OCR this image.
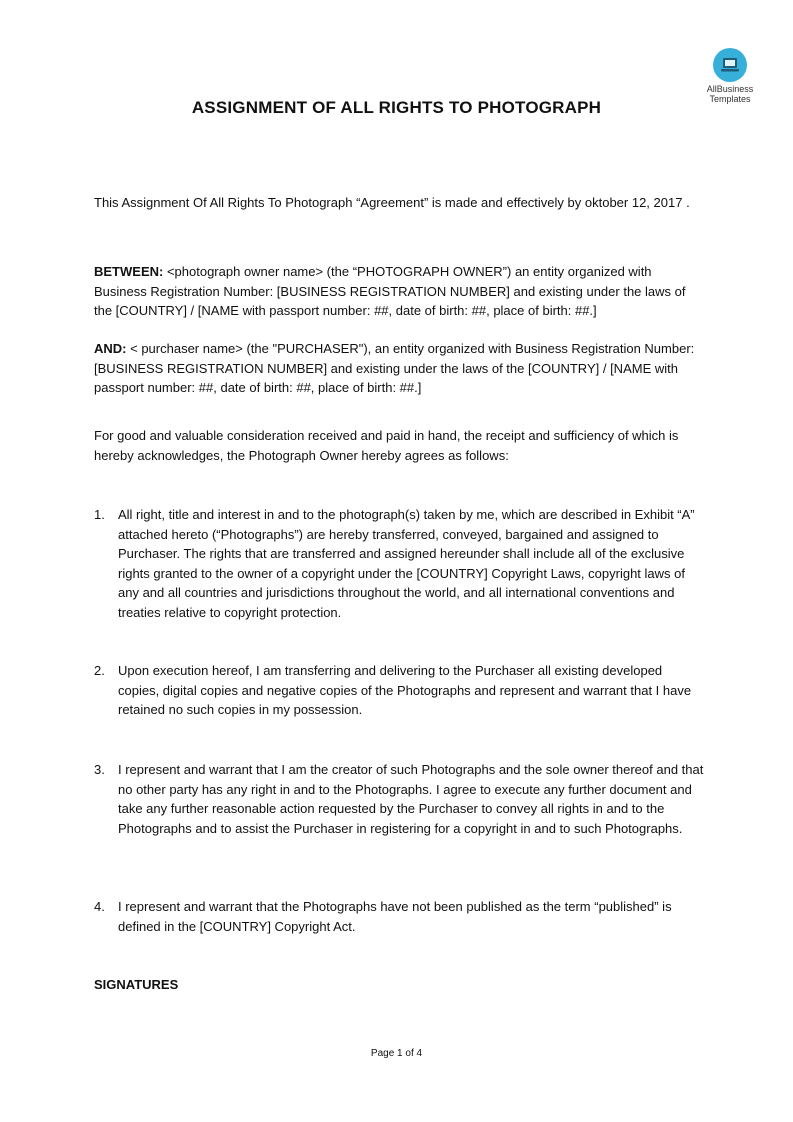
AllBusiness
Templates
ASSIGNMENT OF ALL RIGHTS TO PHOTOGRAPH
This Assignment Of All Rights To Photograph “Agreement” is made and effectively by oktober 12, 2017 .
BETWEEN: <photograph owner name> (the “PHOTOGRAPH OWNER”) an entity organized with Business Registration Number: [BUSINESS REGISTRATION NUMBER] and existing under the laws of the [COUNTRY] / [NAME with passport number: ##, date of birth: ##, place of birth: ##.]
AND: < purchaser name> (the "PURCHASER"), an entity organized with Business Registration Number: [BUSINESS REGISTRATION NUMBER] and existing under the laws of the [COUNTRY] / [NAME with passport number: ##, date of birth: ##, place of birth: ##.]
For good and valuable consideration received and paid in hand, the receipt and sufficiency of which is hereby acknowledges, the Photograph Owner hereby agrees as follows:
1. All right, title and interest in and to the photograph(s) taken by me, which are described in Exhibit “A” attached hereto (“Photographs”) are hereby transferred, conveyed, bargained and assigned to Purchaser. The rights that are transferred and assigned hereunder shall include all of the exclusive rights granted to the owner of a copyright under the [COUNTRY] Copyright Laws, copyright laws of any and all countries and jurisdictions throughout the world, and all international conventions and treaties relative to copyright protection.
2. Upon execution hereof, I am transferring and delivering to the Purchaser all existing developed copies, digital copies and negative copies of the Photographs and represent and warrant that I have retained no such copies in my possession.
3. I represent and warrant that I am the creator of such Photographs and the sole owner thereof and that no other party has any right in and to the Photographs. I agree to execute any further document and take any further reasonable action requested by the Purchaser to convey all rights in and to the Photographs and to assist the Purchaser in registering for a copyright in and to such Photographs.
4. I represent and warrant that the Photographs have not been published as the term “published” is defined in the [COUNTRY] Copyright Act.
SIGNATURES
Page 1 of 4
